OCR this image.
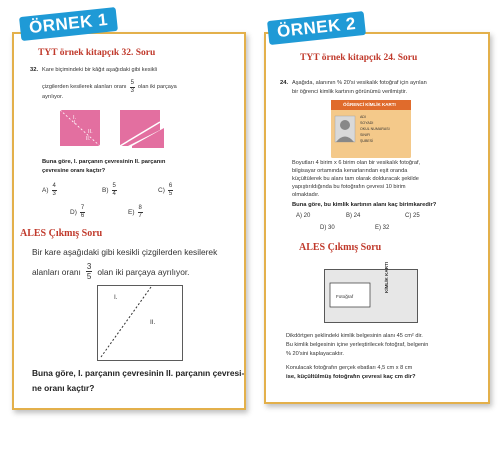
ÖRNEK 1
TYT örnek kitapçık 32. Soru
32. Kare biçimindeki bir kâğıt aşağıdaki gibi kesikli
çizgilerden kesilerek alanları oranı $\frac{5}{3}$ olan iki parçaya
ayrılıyor.
I.
II.
I.
II.
Buna göre, I. parçanın çevresinin II. parçanın
çevresine oranı kaçtır?
$A) \frac{4}{3}$	$B) \frac{5}{4}$	$C) \frac{6}{5}$
$D) \frac{7}{6}$	$E) \frac{8}{7}$
ALES Çıkmış Soru
Bir kare aşağıdaki gibi kesikli çizgilerden kesilerek
alanları oranı $\frac{3}{5}$ olan iki parçaya ayrılıyor.
I.
II.
Buna göre, I. parçanın çevresinin II. parçanın çevresi-
ne oranı kaçtır?
ÖRNEK 2
TYT örnek kitapçık 24. Soru
24. Aşağıda, alanının % 20'si vesikalık fotoğraf için ayrılan
bir öğrenci kimlik kartının görünümü verilmiştir.
ÖĞRENCİ KİMLİK KARTI
ADI
SOYADI
OKUL NUMARASI
SINIFI
ŞUBESİ
Boyutları 4 birim x 6 birim olan bir vesikalık fotoğraf,
bilgisayar ortamında kenarlarından eşit oranda
küçültülerek bu alanı tam olarak dolduracak şekilde
yapıştırıldığında bu fotoğrafın çevresi 10 birim
olmaktadır.
Buna göre, bu kimlik kartının alanı kaç birimkaredir?
A) 20	B) 24	C) 25
D) 30	E) 32
ALES Çıkmış Soru
Fotoğraf
KİMLİK KARTI
Dikdörtgen şeklindeki kimlik belgesinin alanı 45 cm² dir.
Bu kimlik belgesinin içine yerleştirilecek fotoğraf, belgenin
% 20'sini kaplayacaktır.
Konulacak fotoğrafın gerçek ebatları 4,5 cm x 8 cm
ise, küçültülmüş fotoğrafın çevresi kaç cm dir?
